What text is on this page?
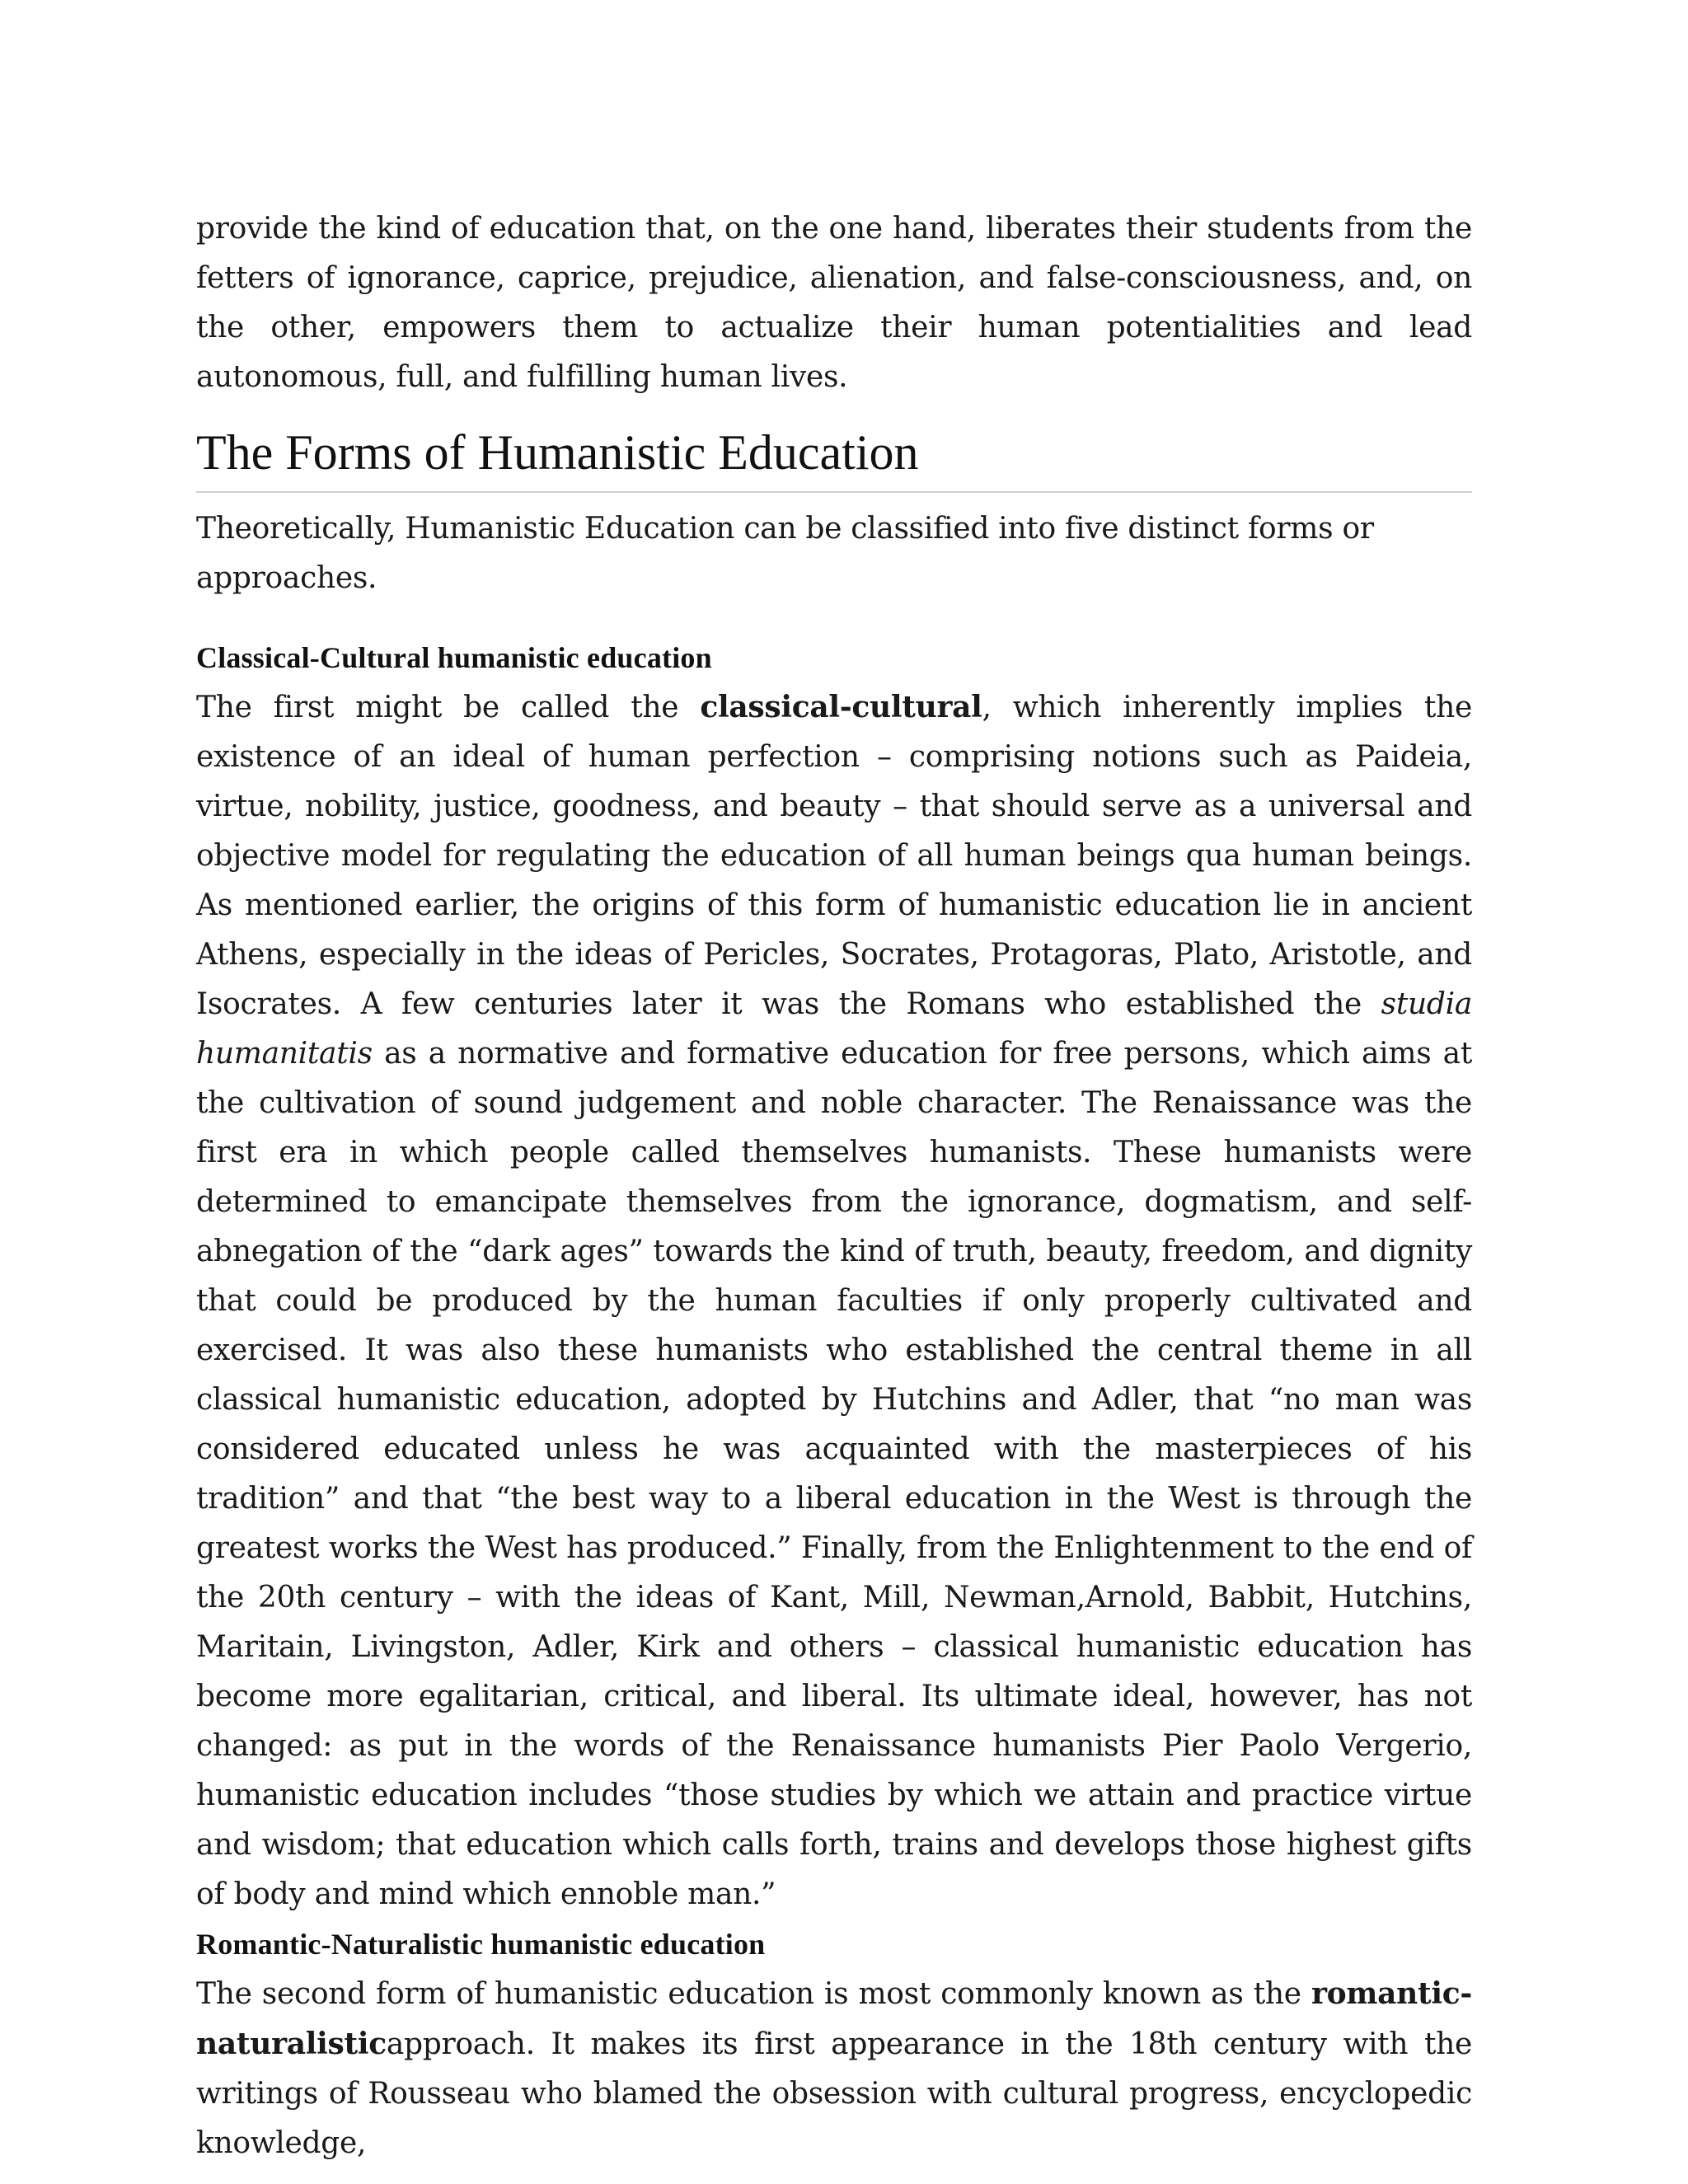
provide the kind of education that, on the one hand, liberates their students from the fetters of ignorance, caprice, prejudice, alienation, and false-consciousness, and, on the other, empowers them to actualize their human potentialities and lead autonomous, full, and fulfilling human lives.

The Forms of Humanistic Education

Theoretically, Humanistic Education can be classified into five distinct forms or approaches.

Classical-Cultural humanistic education

The first might be called the classical-cultural, which inherently implies the existence of an ideal of human perfection – comprising notions such as Paideia, virtue, nobility, justice, goodness, and beauty – that should serve as a universal and objective model for regulating the education of all human beings qua human beings. As mentioned earlier, the origins of this form of humanistic education lie in ancient Athens, especially in the ideas of Pericles, Socrates, Protagoras, Plato, Aristotle, and Isocrates. A few centuries later it was the Romans who established the studia humanitatis as a normative and formative education for free persons, which aims at the cultivation of sound judgement and noble character. The Renaissance was the first era in which people called themselves humanists. These humanists were determined to emancipate themselves from the ignorance, dogmatism, and self-abnegation of the “dark ages” towards the kind of truth, beauty, freedom, and dignity that could be produced by the human faculties if only properly cultivated and exercised. It was also these humanists who established the central theme in all classical humanistic education, adopted by Hutchins and Adler, that “no man was considered educated unless he was acquainted with the masterpieces of his tradition” and that “the best way to a liberal education in the West is through the greatest works the West has produced.” Finally, from the Enlightenment to the end of the 20th century – with the ideas of Kant, Mill, Newman,Arnold, Babbit, Hutchins, Maritain, Livingston, Adler, Kirk and others – classical humanistic education has become more egalitarian, critical, and liberal. Its ultimate ideal, however, has not changed: as put in the words of the Renaissance humanists Pier Paolo Vergerio, humanistic education includes “those studies by which we attain and practice virtue and wisdom; that education which calls forth, trains and develops those highest gifts of body and mind which ennoble man.”

Romantic-Naturalistic humanistic education

The second form of humanistic education is most commonly known as the romantic-naturalisticapproach. It makes its first appearance in the 18th century with the writings of Rousseau who blamed the obsession with cultural progress, encyclopedic knowledge,
